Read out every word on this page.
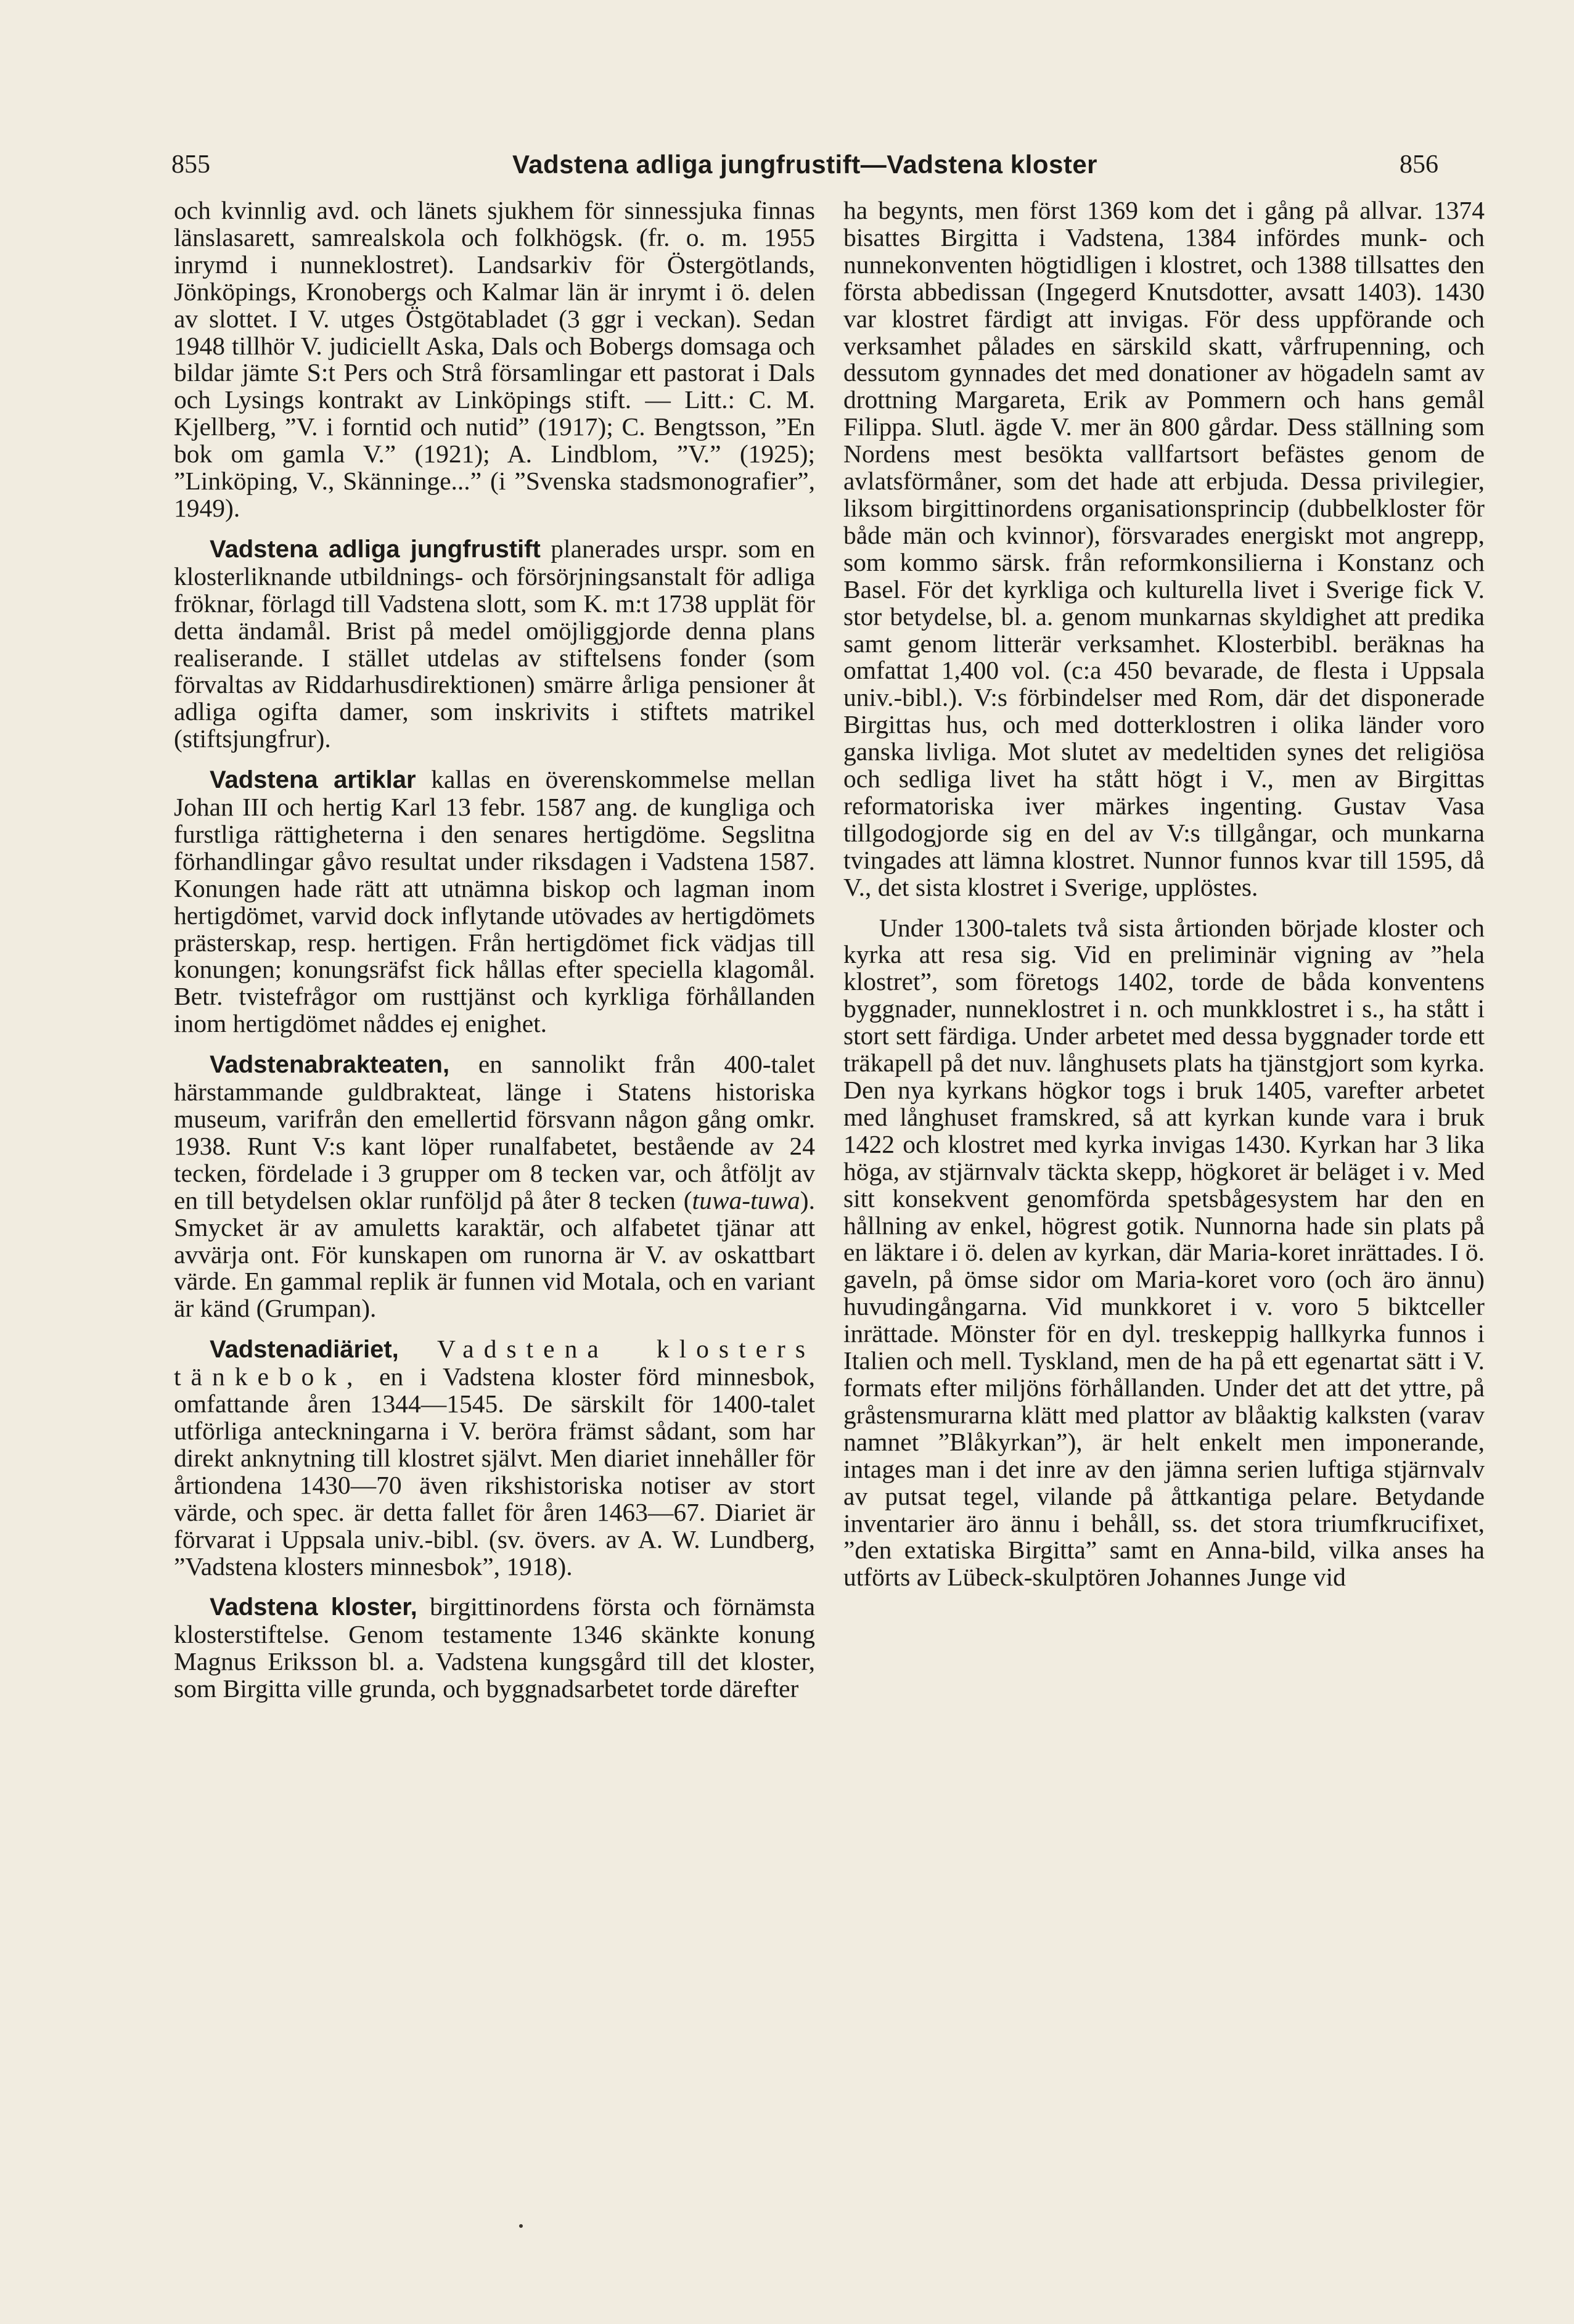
855	Vadstena adliga jungfrustift—Vadstena kloster	856

och kvinnlig avd. och länets sjukhem för sinnessjuka finnas länslasarett, samrealskola och folkhögsk. (fr. o. m. 1955 inrymd i nunneklostret). Landsarkiv för Östergötlands, Jönköpings, Kronobergs och Kalmar län är inrymt i ö. delen av slottet. I V. utges Östgötabladet (3 ggr i veckan). Sedan 1948 tillhör V. judiciellt Aska, Dals och Bobergs domsaga och bildar jämte S:t Pers och Strå församlingar ett pastorat i Dals och Lysings kontrakt av Linköpings stift. — Litt.: C. M. Kjellberg, ”V. i forntid och nutid” (1917); C. Bengtsson, ”En bok om gamla V.” (1921); A. Lindblom, ”V.” (1925); ”Linköping, V., Skänninge...” (i ”Svenska stadsmonografier”, 1949).

Vadstena adliga jungfrustift planerades urspr. som en klosterliknande utbildnings- och försörjningsanstalt för adliga fröknar, förlagd till Vadstena slott, som K. m:t 1738 upplät för detta ändamål. Brist på medel omöjliggjorde denna plans realiserande. I stället utdelas av stiftelsens fonder (som förvaltas av Riddarhusdirektionen) smärre årliga pensioner åt adliga ogifta damer, som inskrivits i stiftets matrikel (stiftsjungfrur).

Vadstena artiklar kallas en överenskommelse mellan Johan III och hertig Karl 13 febr. 1587 ang. de kungliga och furstliga rättigheterna i den senares hertigdöme. Segslitna förhandlingar gåvo resultat under riksdagen i Vadstena 1587. Konungen hade rätt att utnämna biskop och lagman inom hertigdömet, varvid dock inflytande utövades av hertigdömets prästerskap, resp. hertigen. Från hertigdömet fick vädjas till konungen; konungsräfst fick hållas efter speciella klagomål. Betr. tvistefrågor om rusttjänst och kyrkliga förhållanden inom hertigdömet nåddes ej enighet.

Vadstenabrakteaten, en sannolikt från 400-talet härstammande guldbrakteat, länge i Statens historiska museum, varifrån den emellertid försvann någon gång omkr. 1938. Runt V:s kant löper runalfabetet, bestående av 24 tecken, fördelade i 3 grupper om 8 tecken var, och åtföljt av en till betydelsen oklar runföljd på åter 8 tecken (tuwa-tuwa). Smycket är av amuletts karaktär, och alfabetet tjänar att avvärja ont. För kunskapen om runorna är V. av oskattbart värde. En gammal replik är funnen vid Motala, och en variant är känd (Grumpan).

Vadstenadiäriet, Vadstena klosters tänkebok, en i Vadstena kloster förd minnesbok, omfattande åren 1344—1545. De särskilt för 1400-talet utförliga anteckningarna i V. beröra främst sådant, som har direkt anknytning till klostret självt. Men diariet innehåller för årtiondena 1430—70 även rikshistoriska notiser av stort värde, och spec. är detta fallet för åren 1463—67. Diariet är förvarat i Uppsala univ.-bibl. (sv. övers. av A. W. Lundberg, ”Vadstena klosters minnesbok”, 1918).

Vadstena kloster, birgittinordens första och förnämsta klosterstiftelse. Genom testamente 1346 skänkte konung Magnus Eriksson bl. a. Vadstena kungsgård till det kloster, som Birgitta ville grunda, och byggnadsarbetet torde därefter

ha begynts, men först 1369 kom det i gång på allvar. 1374 bisattes Birgitta i Vadstena, 1384 infördes munk- och nunnekonventen högtidligen i klostret, och 1388 tillsattes den första abbedissan (Ingegerd Knutsdotter, avsatt 1403). 1430 var klostret färdigt att invigas. För dess uppförande och verksamhet pålades en särskild skatt, vårfrupenning, och dessutom gynnades det med donationer av högadeln samt av drottning Margareta, Erik av Pommern och hans gemål Filippa. Slutl. ägde V. mer än 800 gårdar. Dess ställning som Nordens mest besökta vallfartsort befästes genom de avlatsförmåner, som det hade att erbjuda. Dessa privilegier, liksom birgittinordens organisationsprincip (dubbelkloster för både män och kvinnor), försvarades energiskt mot angrepp, som kommo särsk. från reformkonsilierna i Konstanz och Basel. För det kyrkliga och kulturella livet i Sverige fick V. stor betydelse, bl. a. genom munkarnas skyldighet att predika samt genom litterär verksamhet. Klosterbibl. beräknas ha omfattat 1,400 vol. (c:a 450 bevarade, de flesta i Uppsala univ.-bibl.). V:s förbindelser med Rom, där det disponerade Birgittas hus, och med dotterklostren i olika länder voro ganska livliga. Mot slutet av medeltiden synes det religiösa och sedliga livet ha stått högt i V., men av Birgittas reformatoriska iver märkes ingenting. Gustav Vasa tillgodogjorde sig en del av V:s tillgångar, och munkarna tvingades att lämna klostret. Nunnor funnos kvar till 1595, då V., det sista klostret i Sverige, upplöstes.

Under 1300-talets två sista årtionden började kloster och kyrka att resa sig. Vid en preliminär vigning av ”hela klostret”, som företogs 1402, torde de båda konventens byggnader, nunneklostret i n. och munkklostret i s., ha stått i stort sett färdiga. Under arbetet med dessa byggnader torde ett träkapell på det nuv. långhusets plats ha tjänstgjort som kyrka. Den nya kyrkans högkor togs i bruk 1405, varefter arbetet med långhuset framskred, så att kyrkan kunde vara i bruk 1422 och klostret med kyrka invigas 1430. Kyrkan har 3 lika höga, av stjärnvalv täckta skepp, högkoret är beläget i v. Med sitt konsekvent genomförda spetsbågesystem har den en hållning av enkel, högrest gotik. Nunnorna hade sin plats på en läktare i ö. delen av kyrkan, där Maria-koret inrättades. I ö. gaveln, på ömse sidor om Maria-koret voro (och äro ännu) huvudingångarna. Vid munkkoret i v. voro 5 biktceller inrättade. Mönster för en dyl. treskeppig hallkyrka funnos i Italien och mell. Tyskland, men de ha på ett egenartat sätt i V. formats efter miljöns förhållanden. Under det att det yttre, på gråstensmurarna klätt med plattor av blåaktig kalksten (varav namnet ”Blåkyrkan”), är helt enkelt men imponerande, intages man i det inre av den jämna serien luftiga stjärnvalv av putsat tegel, vilande på åttkantiga pelare. Betydande inventarier äro ännu i behåll, ss. det stora triumfkrucifixet, ”den extatiska Birgitta” samt en Anna-bild, vilka anses ha utförts av Lübeck-skulptören Johannes Junge vid
